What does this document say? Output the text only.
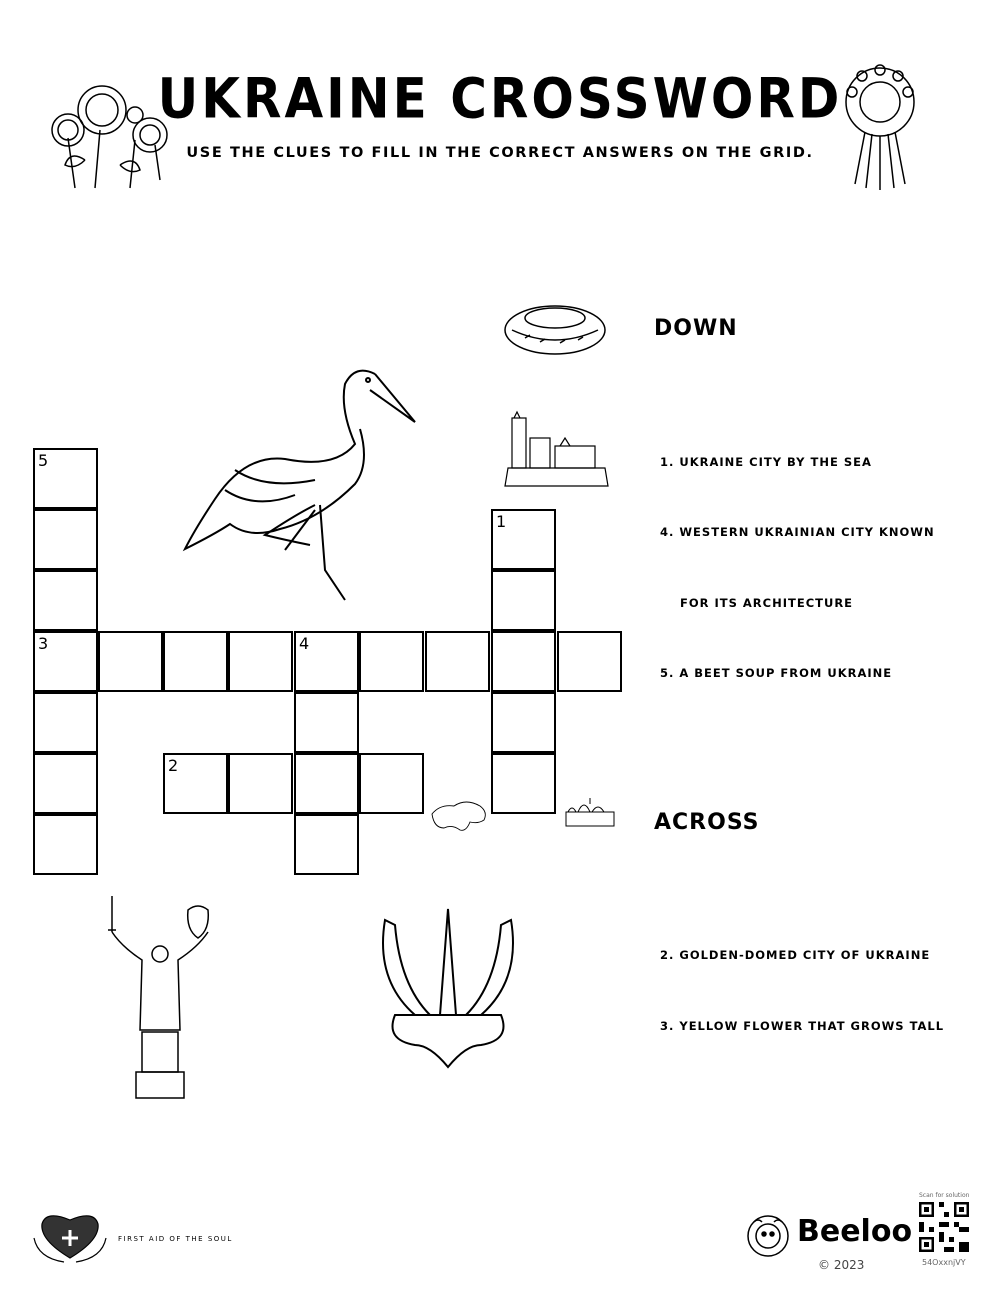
UKRAINE CROSSWORD
USE THE CLUES TO FILL IN THE CORRECT ANSWERS ON THE GRID.
DOWN
1. UKRAINE CITY BY THE SEA
4. WESTERN UKRAINIAN CITY KNOWN
FOR ITS ARCHITECTURE
5. A BEET SOUP FROM UKRAINE
ACROSS
2. GOLDEN-DOMED CITY OF UKRAINE
3. YELLOW FLOWER THAT GROWS TALL
5
3	4
1
2
FIRST AID OF THE SOUL	Beeloo
© 2023
Scan for solution
54OxxnjVY
